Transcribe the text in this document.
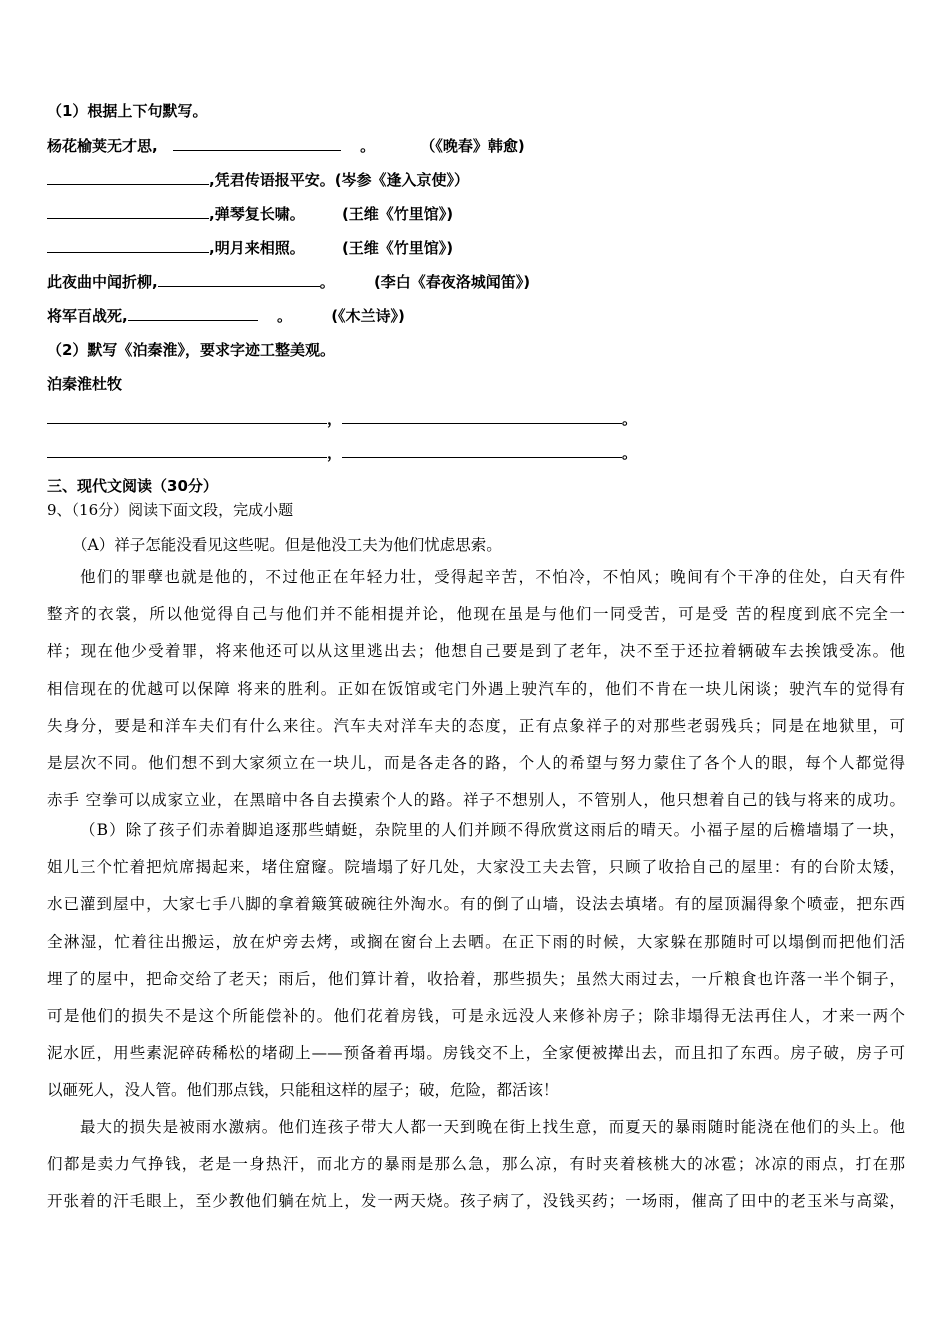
（1）根据上下句默写。
杨花榆荚无才思,	。	（《晚春》韩愈)
,凭君传语报平安。(岑参《逢入京使》）
,弹琴复长啸。 (王维《竹里馆》)
,明月来相照。 (王维《竹里馆》)
此夜曲中闻折柳,	。	(李白《春夜洛城闻笛》)
将军百战死,	。	(《木兰诗》)
（2）默写《泊秦淮》，要求字迹工整美观。
泊秦淮杜牧
，	。
，	。
三、现代文阅读（30分）
9、（16分）阅读下面文段，完成小题
（A）祥子怎能没看见这些呢。但是他没工夫为他们忧虑思索。
他们的罪孽也就是他的，不过他正在年轻力壮，受得起辛苦，不怕冷，不怕风；晚间有个干净的住处，白天有件
整齐的衣裳，所以他觉得自己与他们并不能相提并论，他现在虽是与他们一同受苦，可是受 苦的程度到底不完全一
样；现在他少受着罪，将来他还可以从这里逃出去；他想自己要是到了老年，决不至于还拉着辆破车去挨饿受冻。他
相信现在的优越可以保障 将来的胜利。正如在饭馆或宅门外遇上驶汽车的，他们不肯在一块儿闲谈；驶汽车的觉得有
失身分，要是和洋车夫们有什么来往。汽车夫对洋车夫的态度，正有点象祥子的对那些老弱残兵；同是在地狱里，可
是层次不同。他们想不到大家须立在一块儿，而是各走各的路，个人的希望与努力蒙住了各个人的眼，每个人都觉得
赤手 空拳可以成家立业，在黑暗中各自去摸索个人的路。祥子不想别人，不管别人，他只想着自己的钱与将来的成功。
（B）除了孩子们赤着脚追逐那些蜻蜓，杂院里的人们并顾不得欣赏这雨后的晴天。小福子屋的后檐墙塌了一块，
姐儿三个忙着把炕席揭起来，堵住窟窿。院墙塌了好几处，大家没工夫去管，只顾了收拾自己的屋里：有的台阶太矮，
水已灌到屋中，大家七手八脚的拿着簸箕破碗往外淘水。有的倒了山墙，设法去填堵。有的屋顶漏得象个喷壶，把东西
全淋湿，忙着往出搬运，放在炉旁去烤，或搁在窗台上去晒。在正下雨的时候，大家躲在那随时可以塌倒而把他们活
埋了的屋中，把命交给了老天；雨后，他们算计着，收拾着，那些损失；虽然大雨过去，一斤粮食也许落一半个铜子，
可是他们的损失不是这个所能偿补的。他们花着房钱，可是永远没人来修补房子；除非塌得无法再住人，才来一两个
泥水匠，用些素泥碎砖稀松的堵砌上——预备着再塌。房钱交不上，全家便被撵出去，而且扣了东西。房子破，房子可
以砸死人，没人管。他们那点钱，只能租这样的屋子；破，危险，都活该！
最大的损失是被雨水激病。他们连孩子带大人都一天到晚在街上找生意，而夏天的暴雨随时能浇在他们的头上。他
们都是卖力气挣钱，老是一身热汗，而北方的暴雨是那么急，那么凉，有时夹着核桃大的冰雹；冰凉的雨点，打在那
开张着的汗毛眼上，至少教他们躺在炕上，发一两天烧。孩子病了，没钱买药；一场雨，催高了田中的老玉米与高粱，
